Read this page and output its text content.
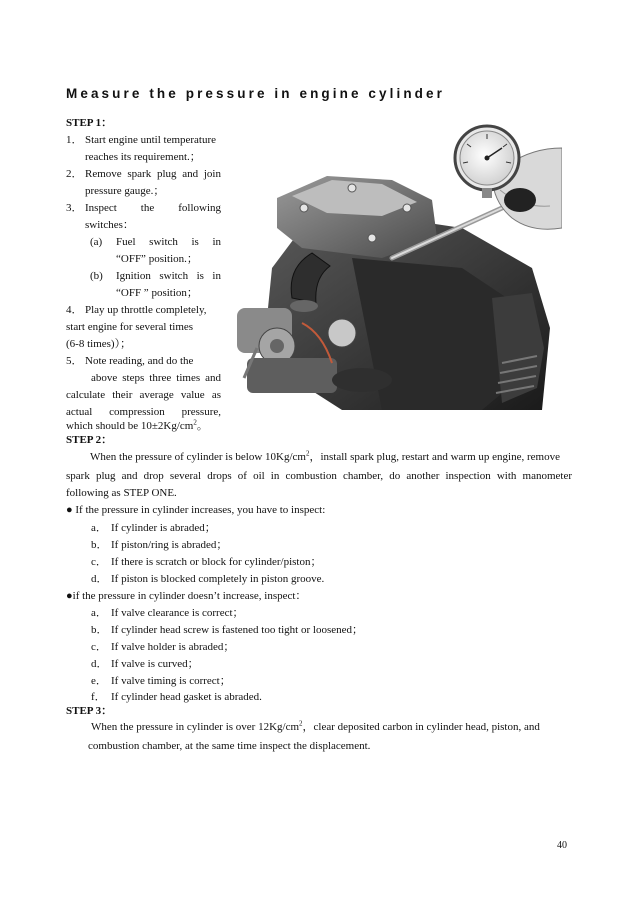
Measure the pressure in engine cylinder
STEP 1：
1． Start engine until temperature
reaches its requirement.；
2． Remove spark plug and join
pressure gauge.；
3． Inspect the following
switches：
(a) Fuel switch is in
“OFF” position.；
(b) Ignition switch is in
“OFF ” position；
4． Play up throttle completely,
start engine for several times
(6-8 times)）；
5． Note reading, and do the
above steps three times and
calculate their average value as
actual compression pressure,
which should be $10\pm 2Kg/cm^2$。
STEP 2：
When the pressure of cylinder is below $10Kg/cm^2$，install spark plug, restart and warm up engine, remove
spark plug and drop several drops of oil in combustion chamber, do another inspection with manometer
following as STEP ONE.
● If the pressure in cylinder increases, you have to inspect:
a． If cylinder is abraded；
b． If piston/ring is abraded；
c． If there is scratch or block for cylinder/piston；
d． If piston is blocked completely in piston groove.
●if the pressure in cylinder doesn’t increase, inspect：
a． If valve clearance is correct；
b． If cylinder head screw is fastened too tight or loosened；
c． If valve holder is abraded；
d． If valve is curved；
e． If valve timing is correct；
f． If cylinder head gasket is abraded.
STEP 3：
When the pressure in cylinder is over $12Kg/cm^2$，clear deposited carbon in cylinder head, piston, and
combustion chamber, at the same time inspect the displacement.
40
